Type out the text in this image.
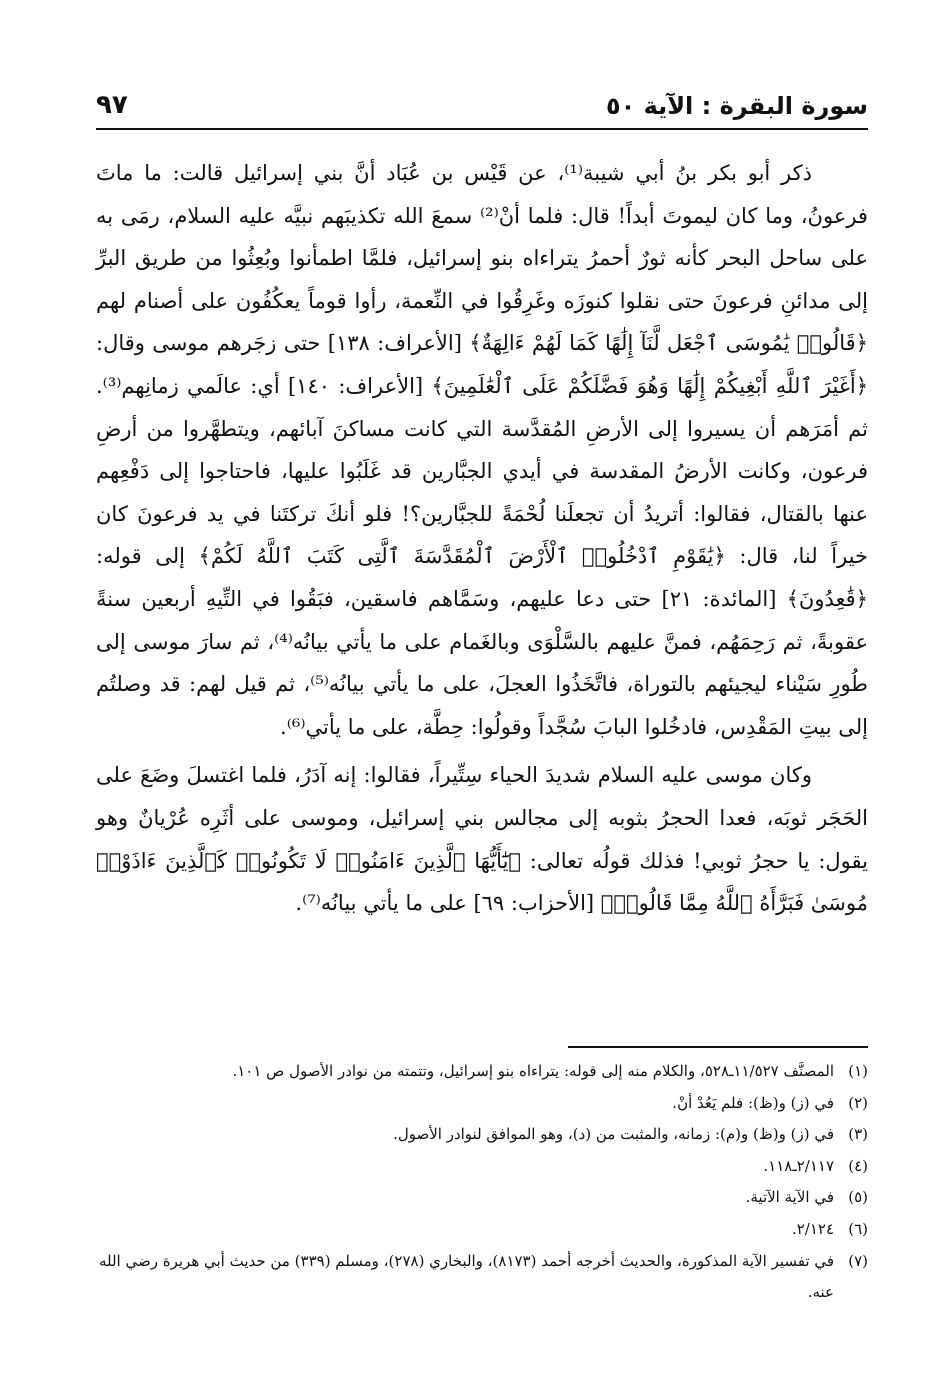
سورة البقرة : الآية ٥٠
٩٧

ذكر أبو بكر بنُ أبي شيبة⁽¹⁾، عن قَيْس بن عُبَاد أنَّ بني إسرائيل قالت: ما ماتَ فرعونُ، وما كان ليموتَ أبداً! قال: فلما أنْ⁽²⁾ سمعَ الله تكذيبَهم نبيَّه عليه السلام، رمَى به على ساحل البحر كأنه ثورٌ أحمرُ يتراءاه بنو إسرائيل، فلمَّا اطمأنوا وبُعِثُوا من طريق البرِّ إلى مدائنِ فرعونَ حتى نقلوا كنوزَه وغَرِقُوا في النِّعمة، رأوا قوماً يعكُفُون على أصنام لهم ﴿قَالُوا۟ يَٰمُوسَى ٱجْعَل لَّنَآ إِلَٰهًا كَمَا لَهُمْ ءَالِهَةٌ﴾ [الأعراف: ١٣٨] حتى زجَرهم موسى وقال: ﴿أَغَيْرَ ٱللَّهِ أَبْغِيكُمْ إِلَٰهًا وَهُوَ فَضَّلَكُمْ عَلَى ٱلْعَٰلَمِينَ﴾ [الأعراف: ١٤٠] أي: عالَمي زمانِهم⁽³⁾. ثم أمَرَهم أن يسيروا إلى الأرضِ المُقدَّسة التي كانت مساكنَ آبائهم، ويتطهَّروا من أرضِ فرعون، وكانت الأرضُ المقدسة في أيدي الجبَّارين قد غَلَبُوا عليها، فاحتاجوا إلى دَفْعِهم عنها بالقتال، فقالوا: أتريدُ أن تجعلَنا لُحْمَةً للجبَّارين؟! فلو أنكَ تركتَنا في يد فرعونَ كان خيراً لنا، قال: ﴿يَٰقَوْمِ ٱدْخُلُوا۟ ٱلْأَرْضَ ٱلْمُقَدَّسَةَ ٱلَّتِى كَتَبَ ٱللَّهُ لَكُمْ﴾ إلى قوله: ﴿قَٰعِدُونَ﴾ [المائدة: ٢١] حتى دعا عليهم، وسَمَّاهم فاسقين، فبَقُوا في التِّيهِ أربعين سنةً عقوبةً، ثم رَحِمَهُم، فمنَّ عليهم بالسَّلْوَى وبالغَمام على ما يأتي بيانُه⁽⁴⁾، ثم سارَ موسى إلى طُورِ سَيْناء ليجيئهم بالتوراة، فاتَّخَذُوا العجلَ، على ما يأتي بيانُه⁽⁵⁾، ثم قيل لهم: قد وصلتُم إلى بيتِ المَقْدِس، فادخُلوا البابَ سُجَّداً وقولُوا: حِطَّة، على ما يأتي⁽⁶⁾.

وكان موسى عليه السلام شديدَ الحياء سِتِّيراً، فقالوا: إنه آدَرُ، فلما اغتسلَ وضَعَ على الحَجَر ثوبَه، فعدا الحجرُ بثوبه إلى مجالس بني إسرائيل، وموسى على أثَرِه عُرْيانٌ وهو يقول: يا حجرُ ثوبي! فذلك قولُه تعالى: ﴿يَٰٓأَيُّهَا ٱلَّذِينَ ءَامَنُوا۟ لَا تَكُونُوا۟ كَٱلَّذِينَ ءَاذَوْا۟ مُوسَىٰ فَبَرَّأَهُ ٱللَّهُ مِمَّا قَالُوا۟﴾ [الأحزاب: ٦٩] على ما يأتي بيانُه⁽⁷⁾.

(١)
المصنَّف ١١/٥٢٧ـ٥٢٨، والكلام منه إلى قوله: يتراءاه بنو إسرائيل، وتتمته من نوادر الأصول ص ١٠١.
(٢)
في (ز) و(ظ): فلم يَعُدْ أنْ.
(٣)
في (ز) و(ظ) و(م): زمانه، والمثبت من (د)، وهو الموافق لنوادر الأصول.
(٤)
٢/١١٧ـ١١٨.
(٥)
في الآية الآتية.
(٦)
٢/١٢٤.
(٧)
في تفسير الآية المذكورة، والحديث أخرجه أحمد (٨١٧٣)، والبخاري (٢٧٨)، ومسلم (٣٣٩) من حديث أبي هريرة رضي الله عنه.
